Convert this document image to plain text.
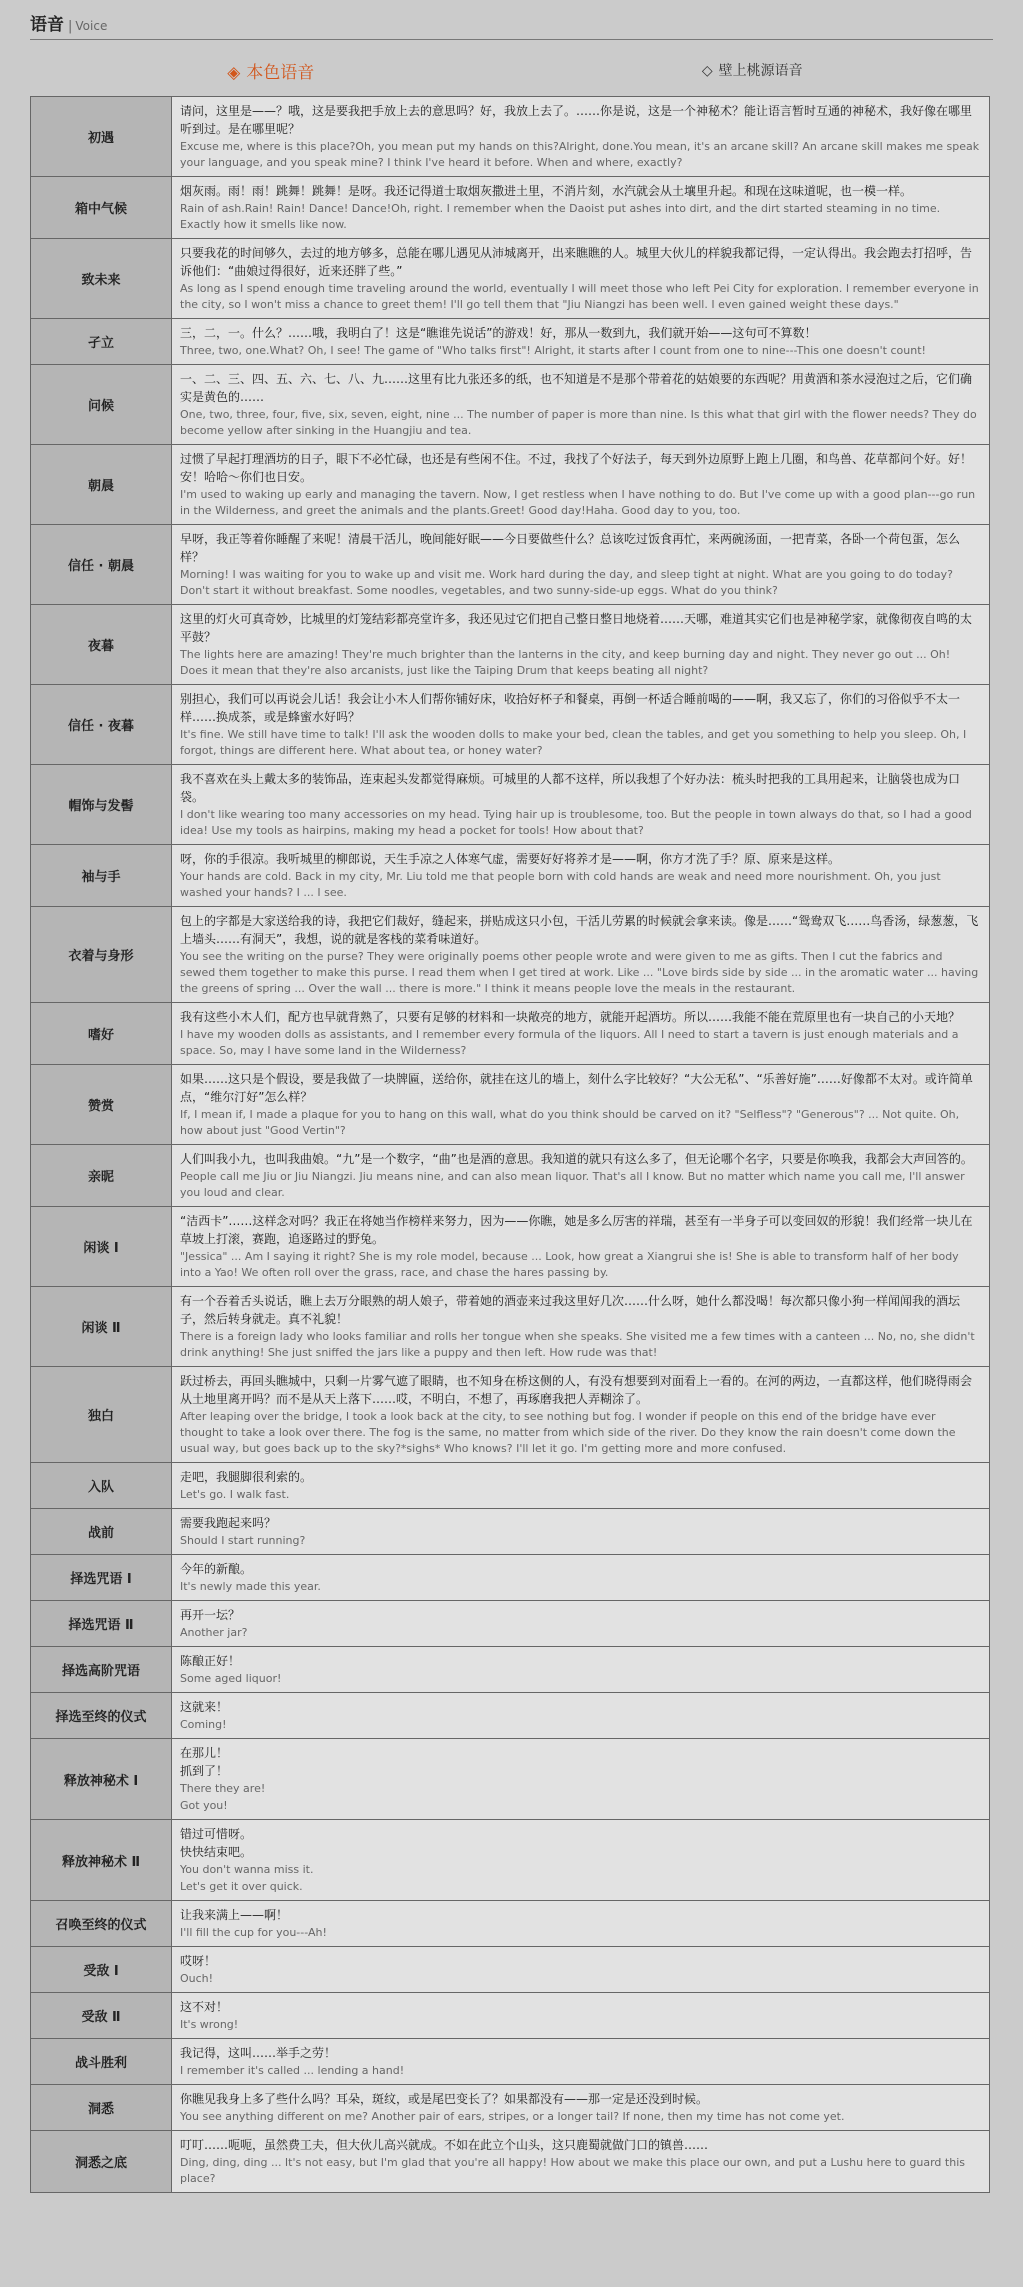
语音 | Voice
◈ 本色语音	◇ 壁上桃源语音
初遇	请问，这里是——？哦，这是要我把手放上去的意思吗？好，我放上去了。……你是说，这是一个神秘术？能让语言暂时互通的神秘术，我好像在哪里听到过。是在哪里呢？
Excuse me, where is this place?Oh, you mean put my hands on this?Alright, done.You mean, it's an arcane skill? An arcane skill makes me speak your language, and you speak mine? I think I've heard it before. When and where, exactly?

箱中气候	烟灰雨。雨！雨！跳舞！跳舞！是呀。我还记得道士取烟灰撒进土里，不消片刻，水汽就会从土壤里升起。和现在这味道呢，也一模一样。
Rain of ash.Rain! Rain! Dance! Dance!Oh, right. I remember when the Daoist put ashes into dirt, and the dirt started steaming in no time. Exactly how it smells like now.

致未来	只要我花的时间够久，去过的地方够多，总能在哪儿遇见从沛城离开，出来瞧瞧的人。城里大伙儿的样貌我都记得，一定认得出。我会跑去打招呼，告诉他们：“曲娘过得很好，近来还胖了些。”
As long as I spend enough time traveling around the world, eventually I will meet those who left Pei City for exploration. I remember everyone in the city, so I won't miss a chance to greet them! I'll go tell them that "Jiu Niangzi has been well. I even gained weight these days."

孑立	三，二，一。什么？……哦，我明白了！这是“瞧谁先说话”的游戏！好，那从一数到九，我们就开始——这句可不算数！
Three, two, one.What? Oh, I see! The game of "Who talks first"! Alright, it starts after I count from one to nine---This one doesn't count!

问候	一、二、三、四、五、六、七、八、九……这里有比九张还多的纸，也不知道是不是那个带着花的姑娘要的东西呢？用黄酒和茶水浸泡过之后，它们确实是黄色的……
One, two, three, four, five, six, seven, eight, nine ... The number of paper is more than nine. Is this what that girl with the flower needs? They do become yellow after sinking in the Huangjiu and tea.

朝晨	过惯了早起打理酒坊的日子，眼下不必忙碌，也还是有些闲不住。不过，我找了个好法子，每天到外边原野上跑上几圈，和鸟兽、花草都问个好。好！安！哈哈～你们也日安。
I'm used to waking up early and managing the tavern. Now, I get restless when I have nothing to do. But I've come up with a good plan---go run in the Wilderness, and greet the animals and the plants.Greet! Good day!Haha. Good day to you, too.

信任 · 朝晨	早呀，我正等着你睡醒了来呢！清晨干活儿，晚间能好眠——今日要做些什么？总该吃过饭食再忙，来两碗汤面，一把青菜，各卧一个荷包蛋，怎么样？
Morning! I was waiting for you to wake up and visit me. Work hard during the day, and sleep tight at night. What are you going to do today? Don't start it without breakfast. Some noodles, vegetables, and two sunny-side-up eggs. What do you think?

夜暮	这里的灯火可真奇妙，比城里的灯笼结彩都亮堂许多，我还见过它们把自己整日整日地烧着……天哪，难道其实它们也是神秘学家，就像彻夜自鸣的太平鼓？
The lights here are amazing! They're much brighter than the lanterns in the city, and keep burning day and night. They never go out ... Oh! Does it mean that they're also arcanists, just like the Taiping Drum that keeps beating all night?

信任 · 夜暮	别担心，我们可以再说会儿话！我会让小木人们帮你铺好床，收拾好杯子和餐桌，再倒一杯适合睡前喝的——啊，我又忘了，你们的习俗似乎不太一样……换成茶，或是蜂蜜水好吗？
It's fine. We still have time to talk! I'll ask the wooden dolls to make your bed, clean the tables, and get you something to help you sleep. Oh, I forgot, things are different here. What about tea, or honey water?

帽饰与发髻	我不喜欢在头上戴太多的装饰品，连束起头发都觉得麻烦。可城里的人都不这样，所以我想了个好办法：梳头时把我的工具用起来，让脑袋也成为口袋。
I don't like wearing too many accessories on my head. Tying hair up is troublesome, too. But the people in town always do that, so I had a good idea! Use my tools as hairpins, making my head a pocket for tools! How about that?

袖与手	呀，你的手很凉。我听城里的柳郎说，天生手凉之人体寒气虚，需要好好将养才是——啊，你方才洗了手？原、原来是这样。
Your hands are cold. Back in my city, Mr. Liu told me that people born with cold hands are weak and need more nourishment. Oh, you just washed your hands? I ... I see.

衣着与身形	包上的字都是大家送给我的诗，我把它们裁好，缝起来，拼贴成这只小包，干活儿劳累的时候就会拿来读。像是……“鸳鸯双飞……鸟香汤，绿葱葱，飞上墙头……有洞天”，我想，说的就是客栈的菜肴味道好。
You see the writing on the purse? They were originally poems other people wrote and were given to me as gifts. Then I cut the fabrics and sewed them together to make this purse. I read them when I get tired at work. Like ... "Love birds side by side ... in the aromatic water ... having the greens of spring ... Over the wall ... there is more." I think it means people love the meals in the restaurant.

嗜好	我有这些小木人们，配方也早就背熟了，只要有足够的材料和一块敞亮的地方，就能开起酒坊。所以……我能不能在荒原里也有一块自己的小天地？
I have my wooden dolls as assistants, and I remember every formula of the liquors. All I need to start a tavern is just enough materials and a space. So, may I have some land in the Wilderness?

赞赏	如果……这只是个假设，要是我做了一块牌匾，送给你，就挂在这儿的墙上，刻什么字比较好？“大公无私”、“乐善好施”……好像都不太对。或许简单点，“维尔汀好”怎么样？
If, I mean if, I made a plaque for you to hang on this wall, what do you think should be carved on it? "Selfless"? "Generous"? ... Not quite. Oh, how about just "Good Vertin"?

亲昵	人们叫我小九，也叫我曲娘。“九”是一个数字，“曲”也是酒的意思。我知道的就只有这么多了，但无论哪个名字，只要是你唤我，我都会大声回答的。
People call me Jiu or Jiu Niangzi. Jiu means nine, and can also mean liquor. That's all I know. But no matter which name you call me, I'll answer you loud and clear.

闲谈 Ⅰ	“洁西卡”……这样念对吗？我正在将她当作榜样来努力，因为——你瞧，她是多么厉害的祥瑞，甚至有一半身子可以变回奴的形貌！我们经常一块儿在草坡上打滚，赛跑，追逐路过的野兔。
"Jessica" ... Am I saying it right? She is my role model, because ... Look, how great a Xiangrui she is! She is able to transform half of her body into a Yao! We often roll over the grass, race, and chase the hares passing by.

闲谈 Ⅱ	有一个吞着舌头说话，瞧上去万分眼熟的胡人娘子，带着她的酒壶来过我这里好几次……什么呀，她什么都没喝！每次都只像小狗一样闻闻我的酒坛子，然后转身就走。真不礼貌！
There is a foreign lady who looks familiar and rolls her tongue when she speaks. She visited me a few times with a canteen ... No, no, she didn't drink anything! She just sniffed the jars like a puppy and then left. How rude was that!

独白	跃过桥去，再回头瞧城中，只剩一片雾气遮了眼睛，也不知身在桥这侧的人，有没有想要到对面看上一看的。在河的两边，一直都这样，他们晓得雨会从土地里离开吗？而不是从天上落下……哎，不明白，不想了，再琢磨我把人弄糊涂了。
After leaping over the bridge, I took a look back at the city, to see nothing but fog. I wonder if people on this end of the bridge have ever thought to take a look over there. The fog is the same, no matter from which side of the river. Do they know the rain doesn't come down the usual way, but goes back up to the sky?*sighs* Who knows? I'll let it go. I'm getting more and more confused.

入队	走吧，我腿脚很利索的。
Let's go. I walk fast.

战前	需要我跑起来吗？
Should I start running?

择选咒语 Ⅰ	今年的新酿。
It's newly made this year.

择选咒语 Ⅱ	再开一坛？
Another jar?

择选高阶咒语	陈酿正好！
Some aged liquor!

择选至终的仪式	这就来！
Coming!

释放神秘术 Ⅰ	在那儿！
抓到了！
There they are!
Got you!

释放神秘术 Ⅱ	错过可惜呀。
快快结束吧。
You don't wanna miss it.
Let's get it over quick.

召唤至终的仪式	让我来满上——啊！
I'll fill the cup for you---Ah!

受敌 Ⅰ	哎呀！
Ouch!

受敌 Ⅱ	这不对！
It's wrong!

战斗胜利	我记得，这叫……举手之劳！
I remember it's called ... lending a hand!

洞悉	你瞧见我身上多了些什么吗？耳朵，斑纹，或是尾巴变长了？如果都没有——那一定是还没到时候。
You see anything different on me? Another pair of ears, stripes, or a longer tail? If none, then my time has not come yet.

洞悉之底	叮叮……呃呃，虽然费工夫，但大伙儿高兴就成。不如在此立个山头，这只鹿蜀就做门口的镇兽……
Ding, ding, ding ... It's not easy, but I'm glad that you're all happy! How about we make this place our own, and put a Lushu here to guard this place?
